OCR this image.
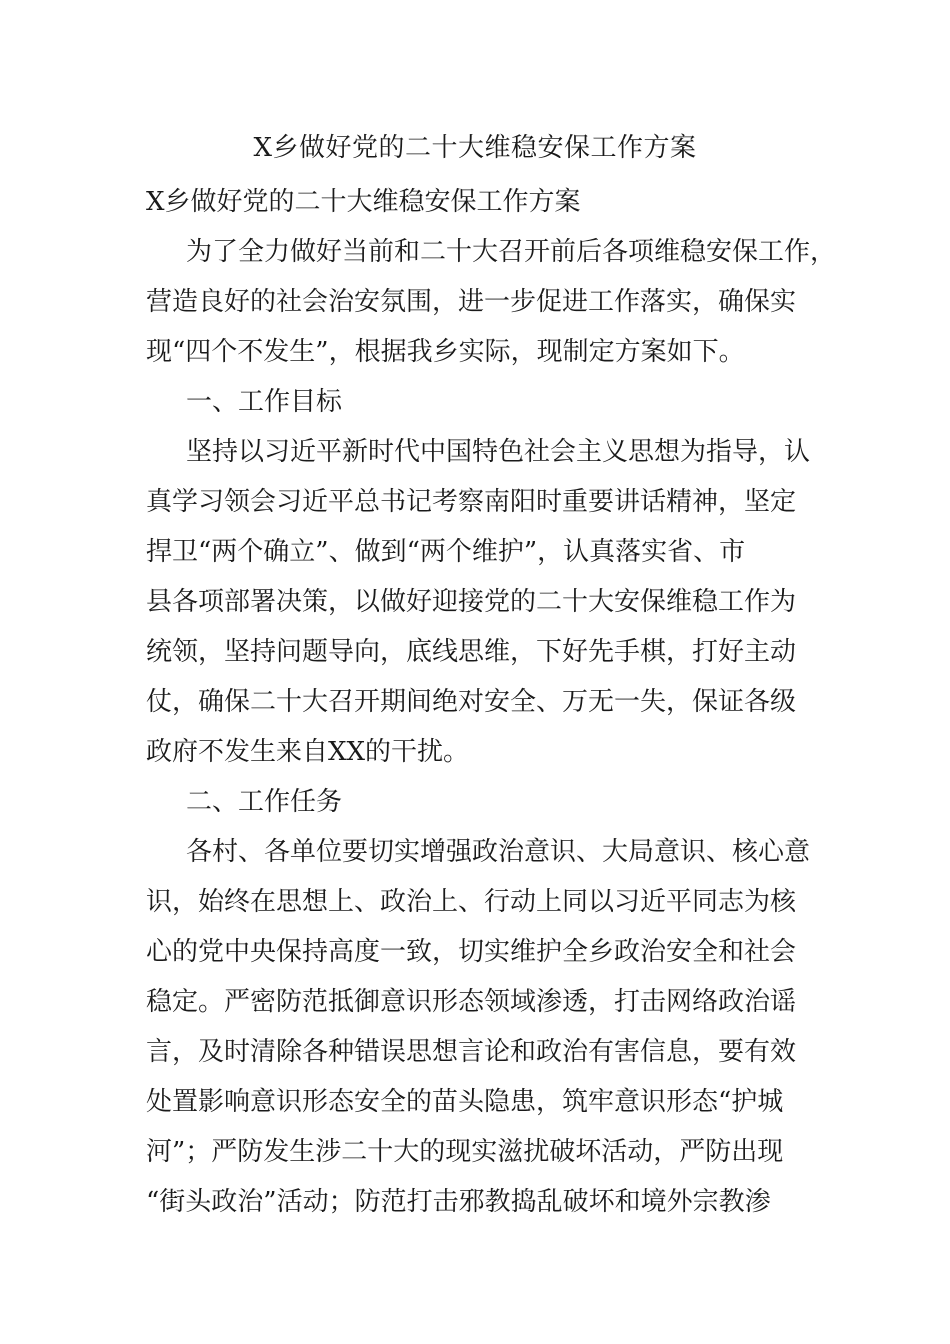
X乡做好党的二十大维稳安保工作方案

X乡做好党的二十大维稳安保工作方案

为了全力做好当前和二十大召开前后各项维稳安保工作，

营造良好的社会治安氛围，进一步促进工作落实，确保实

现“四个不发生”，根据我乡实际，现制定方案如下。

一、工作目标

坚持以习近平新时代中国特色社会主义思想为指导，认

真学习领会习近平总书记考察南阳时重要讲话精神，坚定

捍卫“两个确立”、做到“两个维护”，认真落实省、市

县各项部署决策，以做好迎接党的二十大安保维稳工作为

统领，坚持问题导向，底线思维，下好先手棋，打好主动

仗，确保二十大召开期间绝对安全、万无一失，保证各级

政府不发生来自XX的干扰。

二、工作任务

各村、各单位要切实增强政治意识、大局意识、核心意

识，始终在思想上、政治上、行动上同以习近平同志为核

心的党中央保持高度一致，切实维护全乡政治安全和社会

稳定。严密防范抵御意识形态领域渗透，打击网络政治谣

言，及时清除各种错误思想言论和政治有害信息，要有效

处置影响意识形态安全的苗头隐患，筑牢意识形态“护城

河”；严防发生涉二十大的现实滋扰破坏活动，严防出现

“街头政治”活动；防范打击邪教捣乱破坏和境外宗教渗
